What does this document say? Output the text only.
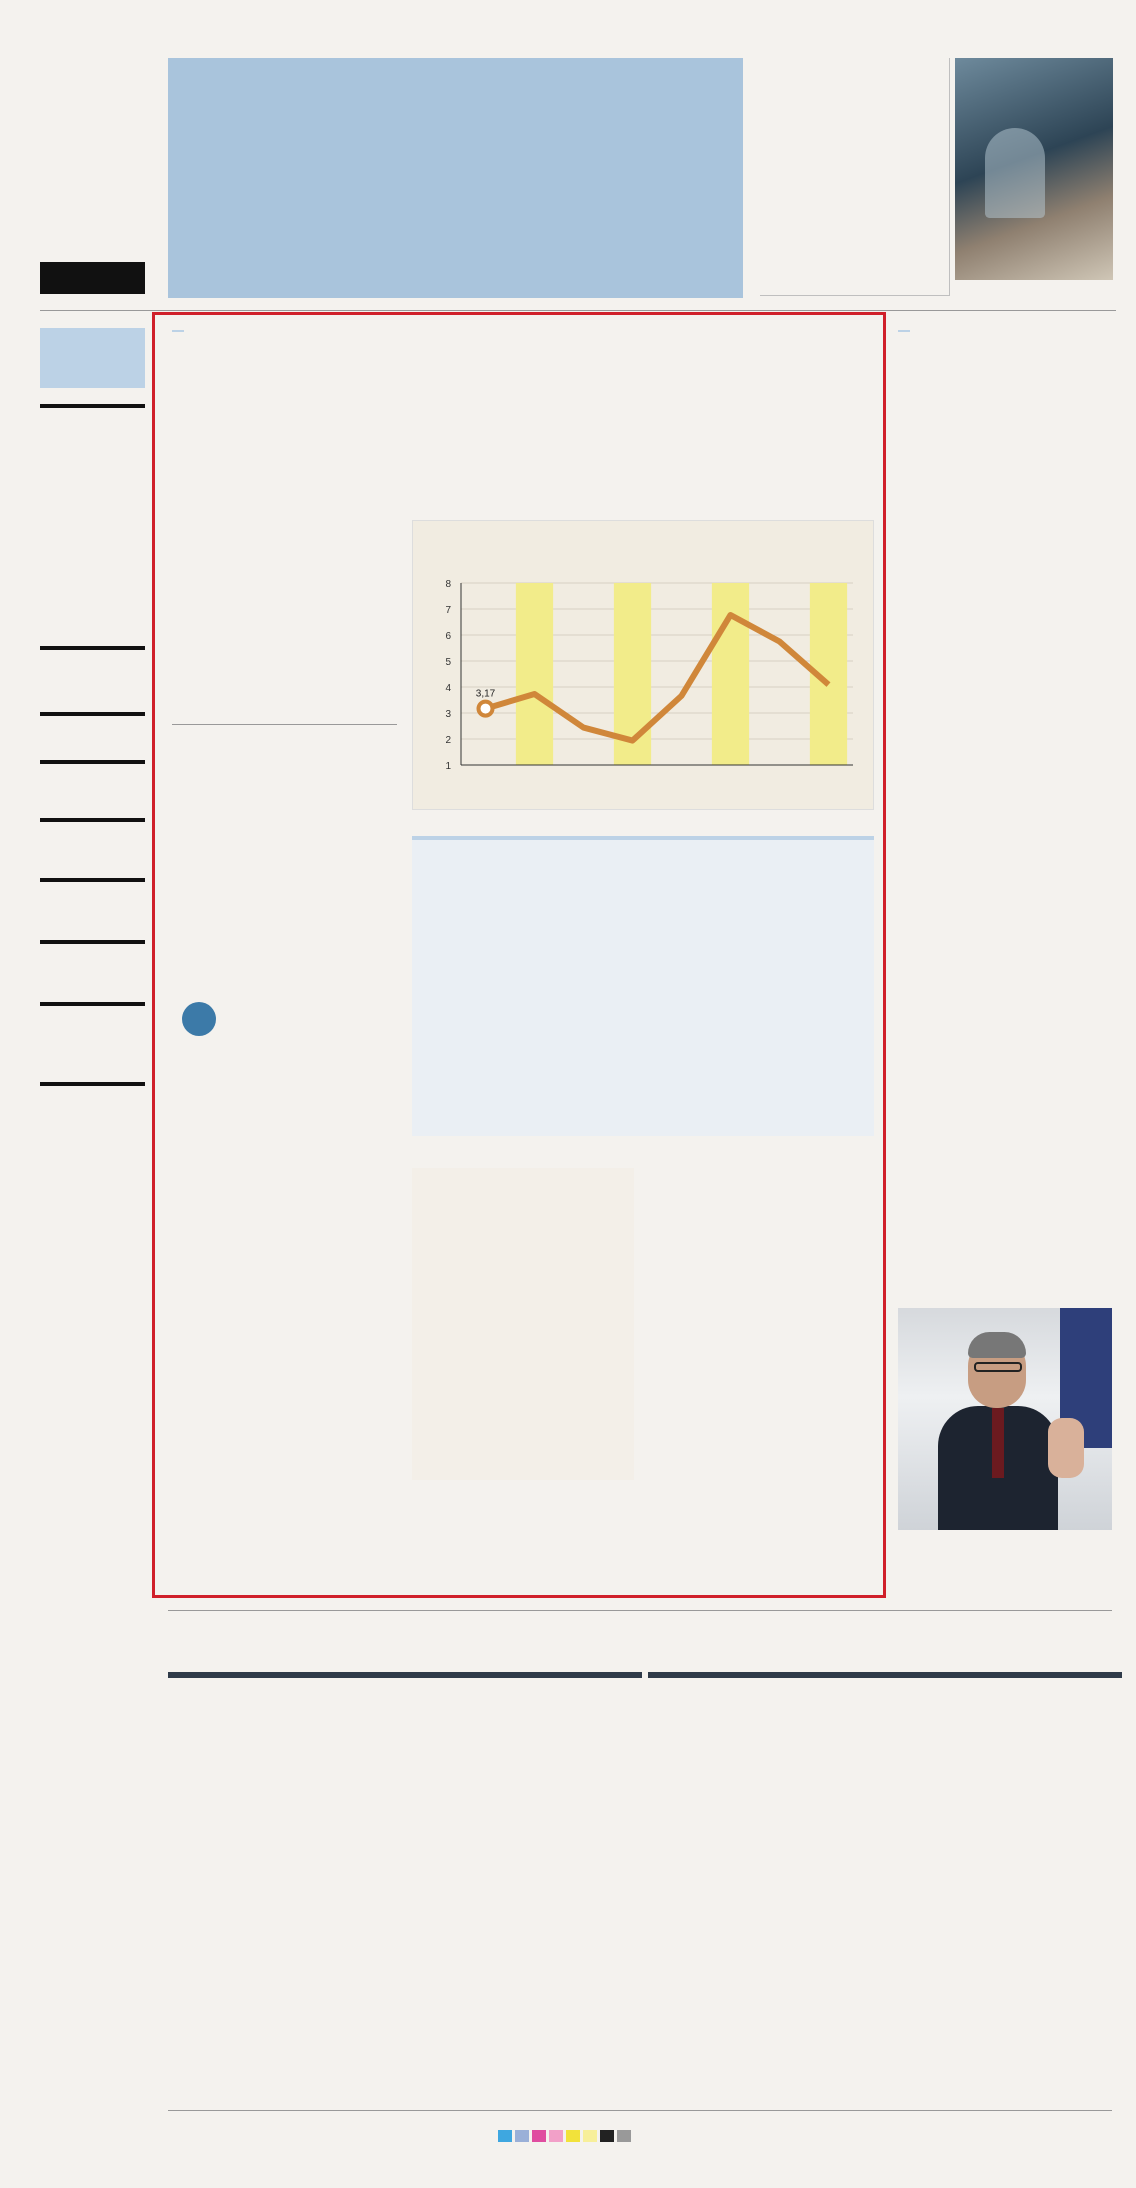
1
2
3
4
5
6
7
8
3,17
